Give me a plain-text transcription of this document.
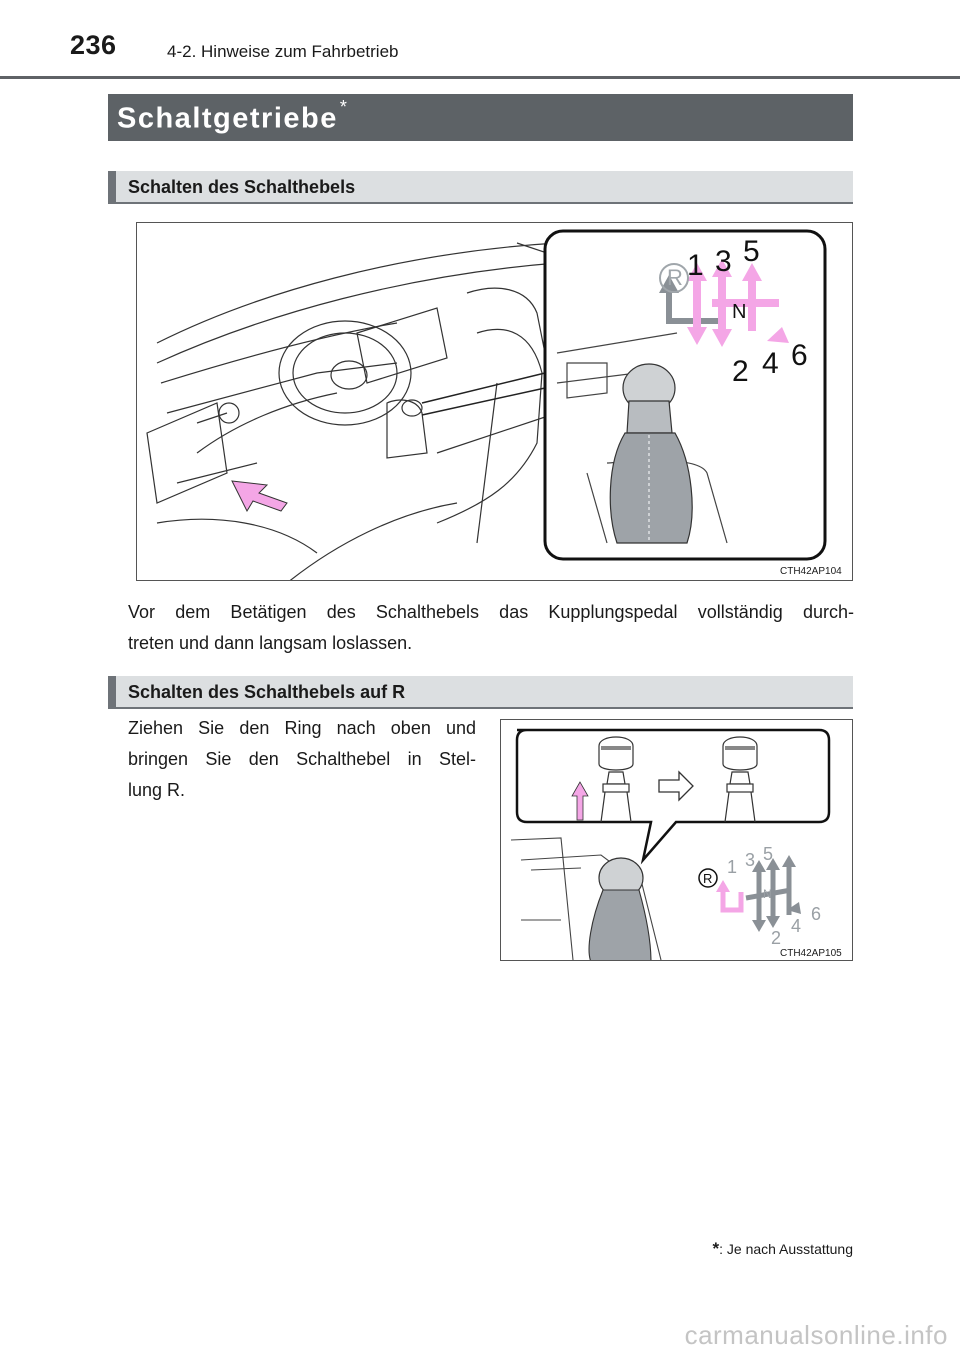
236	4-2. Hinweise zum Fahrbetrieb
Schaltgetriebe *
Schalten des Schalthebels
R 1 3 5
N
2 4 6
CTH42AP104
Vor dem Betätigen des Schalthebels das Kupplungspedal vollständig durch-
treten und dann langsam loslassen.
Schalten des Schalthebels auf R
Ziehen Sie den Ring nach oben und
bringen Sie den Schalthebel in Stel-
lung R.
R
1 3 5
N
2
4
6
CTH42AP105
*: Je nach Ausstattung
carmanualsonline.info
